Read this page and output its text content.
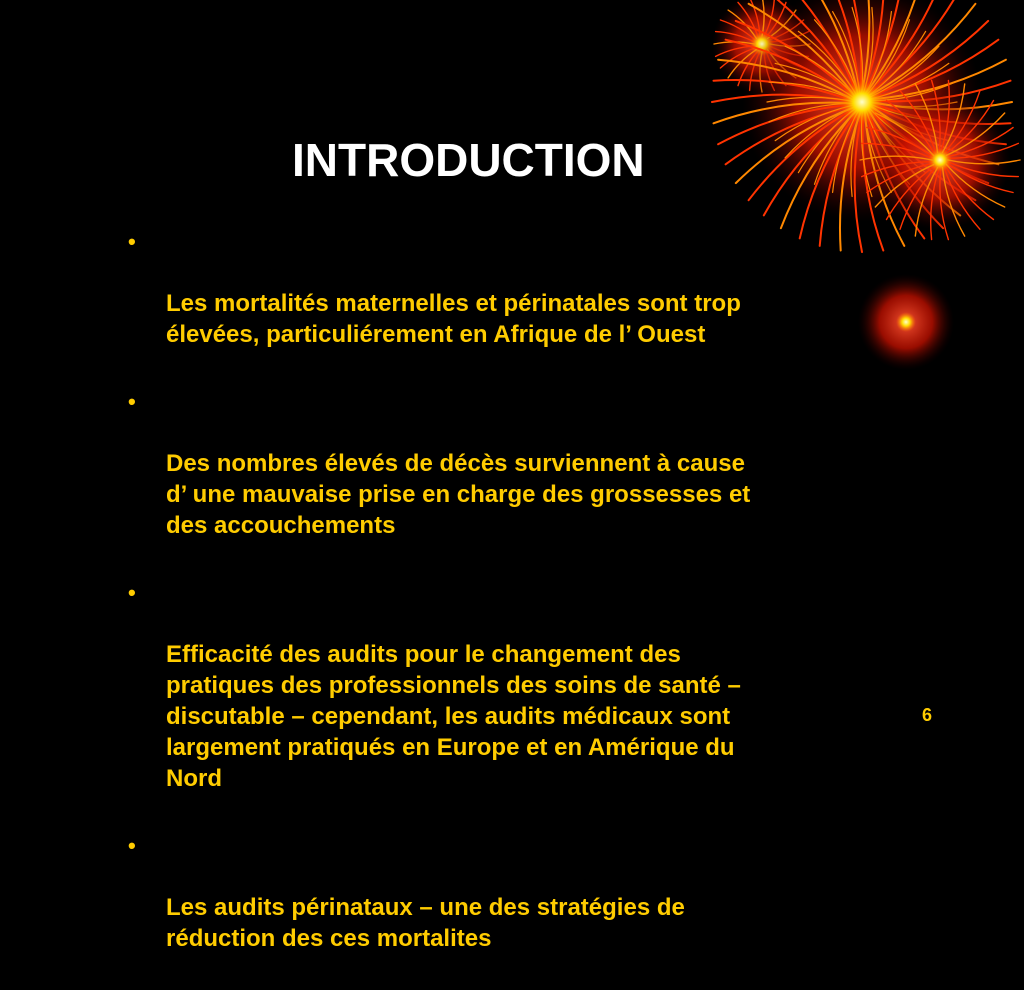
INTRODUCTION

•

Les mortalités maternelles et périnatales sont trop
élevées, particuliérement en Afrique de l’ Ouest

•

Des nombres élevés de décès surviennent à cause
d’ une mauvaise prise en charge des grossesses et
des accouchements

•

Efficacité des audits pour le changement des
pratiques des professionnels des soins de santé –
discutable – cependant, les audits médicaux sont
largement pratiqués en Europe et en Amérique du
Nord

•

Les audits périnataux – une des stratégies de
réduction des ces mortalites

6
